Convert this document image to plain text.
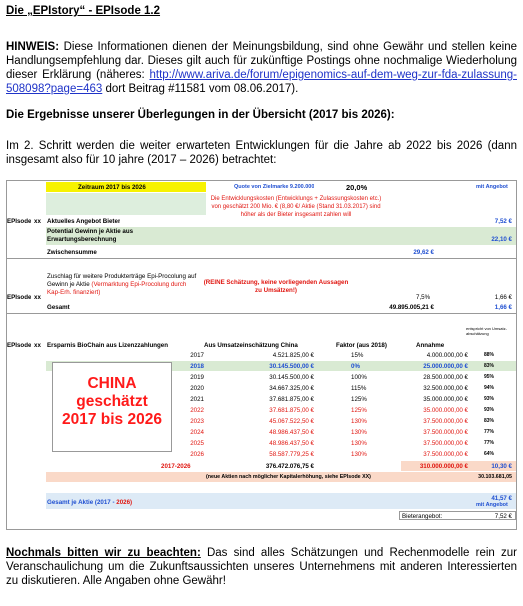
Die „EPIstory“ - EPIsode 1.2
HINWEIS: Diese Informationen dienen der Meinungsbildung, sind ohne Gewähr und stellen keine Handlungsempfehlung dar. Dieses gilt auch für zukünftige Postings ohne nochmalige Wiederholung dieser Erklärung (näheres: http://www.ariva.de/forum/epigenomics-auf-dem-weg-zur-fda-zulassung-508098?page=463 dort Beitrag #11581 vom 08.06.2017).
Die Ergebnisse unserer Überlegungen in der Übersicht (2017 bis 2026):
Im 2. Schritt werden die weiter erwarteten Entwicklungen für die Jahre ab 2022 bis 2026 (dann insgesamt also für 10 jahre (2017 – 2026) betrachtet:
Zeitraum 2017 bis 2026	Quote von Zielmarke 9.200.000	20,0%	mit Angebot
Die Entwicklungskosten (Entwicklungs + Zulassungskosten etc.) von geschätzt 200 Mio. € (8,80 €/ Aktie (Stand 31.03.2017) sind höher als der Bieter insgesamt zahlen will
EPIsode xx Aktuelles Angebot Bieter	7,52 €
Potential Gewinn je Aktie aus Erwartungsberechnung	22,10 €
Zwischensumme	29,62 €
Zuschlag für weitere Produkterträge Epi-Procolung auf Gewinn je Aktie (Vermarktung Epi-Procolung durch Kap-Erh. finanziert)
(REINE Schätzung, keine vorliegenden Aussagen zu Umsätzen!)
EPIsode xx	7,5%	1,66 €
Gesamt	49.895.005,21 €	1,66 €
EPIsode xx Ersparnis BioChain aus Lizenzzahlungen	Aus Umsatzeinschätzung China	Faktor (aus 2018)	Annahme
entspricht von Umsatz-abschätzung
2017	4.521.825,00 €	15%	4.000.000,00 €	88%
2018	30.145.500,00 €	0%	25.000.000,00 €	83%
2019	30.145.500,00 €	100%	28.500.000,00 €	95%
2020	34.667.325,00 €	115%	32.500.000,00 €	94%
2021	37.681.875,00 €	125%	35.000.000,00 €	93%
2022	37.681.875,00 €	125%	35.000.000,00 €	93%
2023	45.067.522,50 €	130%	37.500.000,00 €	83%
2024	48.986.437,50 €	130%	37.500.000,00 €	77%
2025	48.986.437,50 €	130%	37.500.000,00 €	77%
2026	58.587.779,25 €	130%	37.500.000,00 €	64%
CHINA
geschätzt
2017 bis 2026
2017-2026	376.472.076,75 €	310.000.000,00 €	10,30 €
(neue Aktien nach möglicher Kapitalerhöhung, siehe EPIsode XX)	30.103.681,05
Gesamt je Aktie (2017 - 2026)
41,57 €
mit Angebot
Bieterangebot:	7,52 €
Nochmals bitten wir zu beachten: Das sind alles Schätzungen und Rechenmodelle rein zur Veranschaulichung um die Zukunftsaussichten unseres Unternehmens mit anderen Interessierten zu diskutieren. Alle Angaben ohne Gewähr!
